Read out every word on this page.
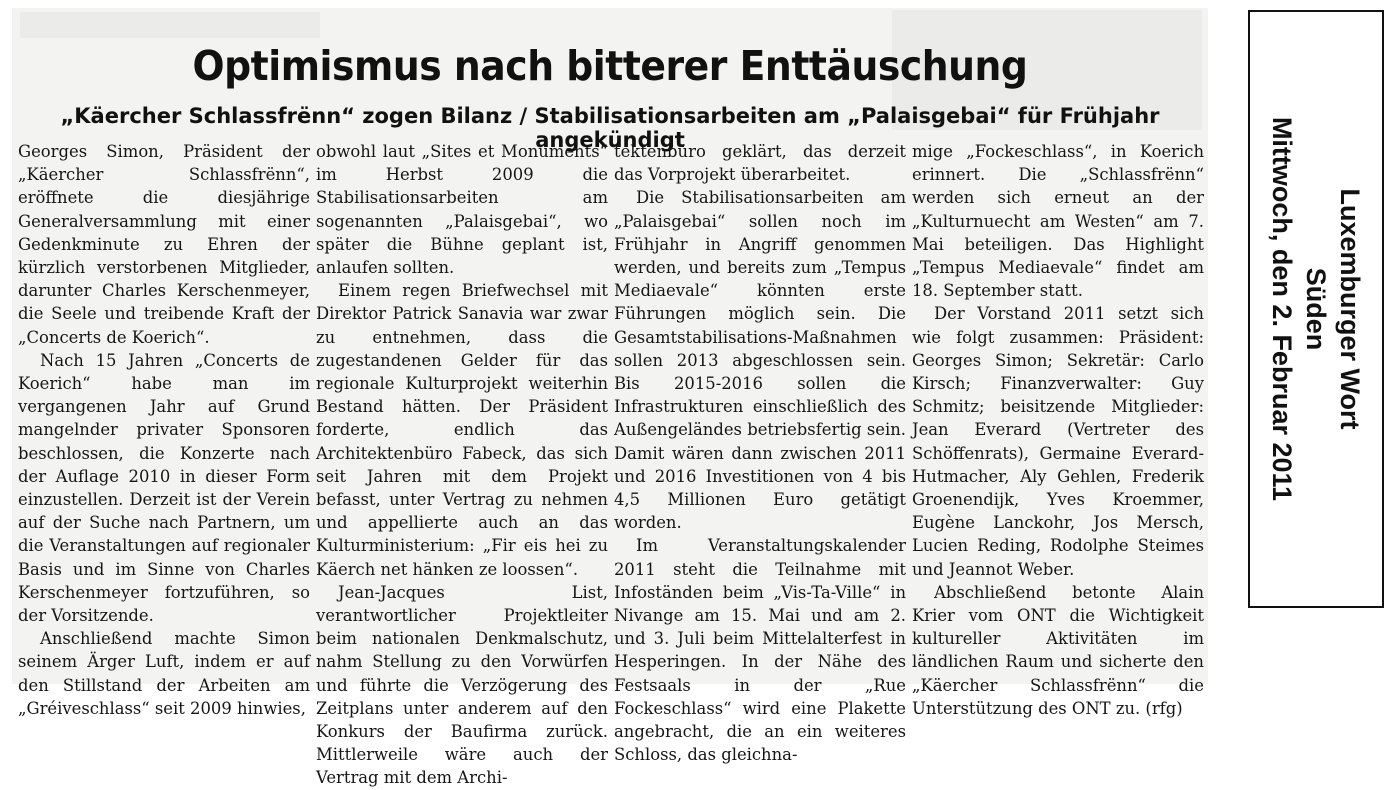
Optimismus nach bitterer Enttäuschung
„Käercher Schlassfrënn“ zogen Bilanz / Stabilisationsarbeiten am „Palaisgebai“ für Frühjahr angekündigt

Georges Simon, Präsident der „Käercher Schlassfrënn“, eröffnete die diesjährige Generalversammlung mit einer Gedenkminute zu Ehren der kürzlich verstorbenen Mitglieder, darunter Charles Kerschenmeyer, die Seele und treibende Kraft der „Concerts de Koerich“.

Nach 15 Jahren „Concerts de Koerich“ habe man im vergangenen Jahr auf Grund mangelnder privater Sponsoren beschlossen, die Konzerte nach der Auflage 2010 in dieser Form einzustellen. Derzeit ist der Verein auf der Suche nach Partnern, um die Veranstaltungen auf regionaler Basis und im Sinne von Charles Kerschenmeyer fortzuführen, so der Vorsitzende.

Anschließend machte Simon seinem Ärger Luft, indem er auf den Stillstand der Arbeiten am „Gréiveschlass“ seit 2009 hinwies,

obwohl laut „Sites et Monuments“ im Herbst 2009 die Stabilisationsarbeiten am sogenannten „Palaisgebai“, wo später die Bühne geplant ist, anlaufen sollten.

Einem regen Briefwechsel mit Direktor Patrick Sanavia war zwar zu entnehmen, dass die zugestandenen Gelder für das regionale Kulturprojekt weiterhin Bestand hätten. Der Präsident forderte, endlich das Architektenbüro Fabeck, das sich seit Jahren mit dem Projekt befasst, unter Vertrag zu nehmen und appellierte auch an das Kulturministerium: „Fir eis hei zu Käerch net hänken ze loossen“.

Jean-Jacques List, verantwortlicher Projektleiter beim nationalen Denkmalschutz, nahm Stellung zu den Vorwürfen und führte die Verzögerung des Zeitplans unter anderem auf den Konkurs der Baufirma zurück. Mittlerweile wäre auch der Vertrag mit dem Archi-

tektenbüro geklärt, das derzeit das Vorprojekt überarbeitet.

Die Stabilisationsarbeiten am „Palaisgebai“ sollen noch im Frühjahr in Angriff genommen werden, und bereits zum „Tempus Mediaevale“ könnten erste Führungen möglich sein. Die Gesamtstabilisations-Maßnahmen sollen 2013 abgeschlossen sein. Bis 2015-2016 sollen die Infrastrukturen einschließlich des Außengeländes betriebsfertig sein. Damit wären dann zwischen 2011 und 2016 Investitionen von 4 bis 4,5 Millionen Euro getätigt worden.

Im Veranstaltungskalender 2011 steht die Teilnahme mit Infoständen beim „Vis-Ta-Ville“ in Nivange am 15. Mai und am 2. und 3. Juli beim Mittelalterfest in Hesperingen. In der Nähe des Festsaals in der „Rue Fockeschlass“ wird eine Plakette angebracht, die an ein weiteres Schloss, das gleichna-

mige „Fockeschlass“, in Koerich erinnert. Die „Schlassfrënn“ werden sich erneut an der „Kulturnuecht am Westen“ am 7. Mai beteiligen. Das Highlight „Tempus Mediaevale“ findet am 18. September statt.

Der Vorstand 2011 setzt sich wie folgt zusammen: Präsident: Georges Simon; Sekretär: Carlo Kirsch; Finanzverwalter: Guy Schmitz; beisitzende Mitglieder: Jean Everard (Vertreter des Schöffenrats), Germaine Everard-Hutmacher, Aly Gehlen, Frederik Groenendijk, Yves Kroemmer, Eugène Lanckohr, Jos Mersch, Lucien Reding, Rodolphe Steimes und Jeannot Weber.

Abschließend betonte Alain Krier vom ONT die Wichtigkeit kultureller Aktivitäten im ländlichen Raum und sicherte den „Käercher Schlassfrënn“ die Unterstützung des ONT zu. (rfg)

Luxemburger Wort
Süden
Mittwoch, den 2. Februar 2011
